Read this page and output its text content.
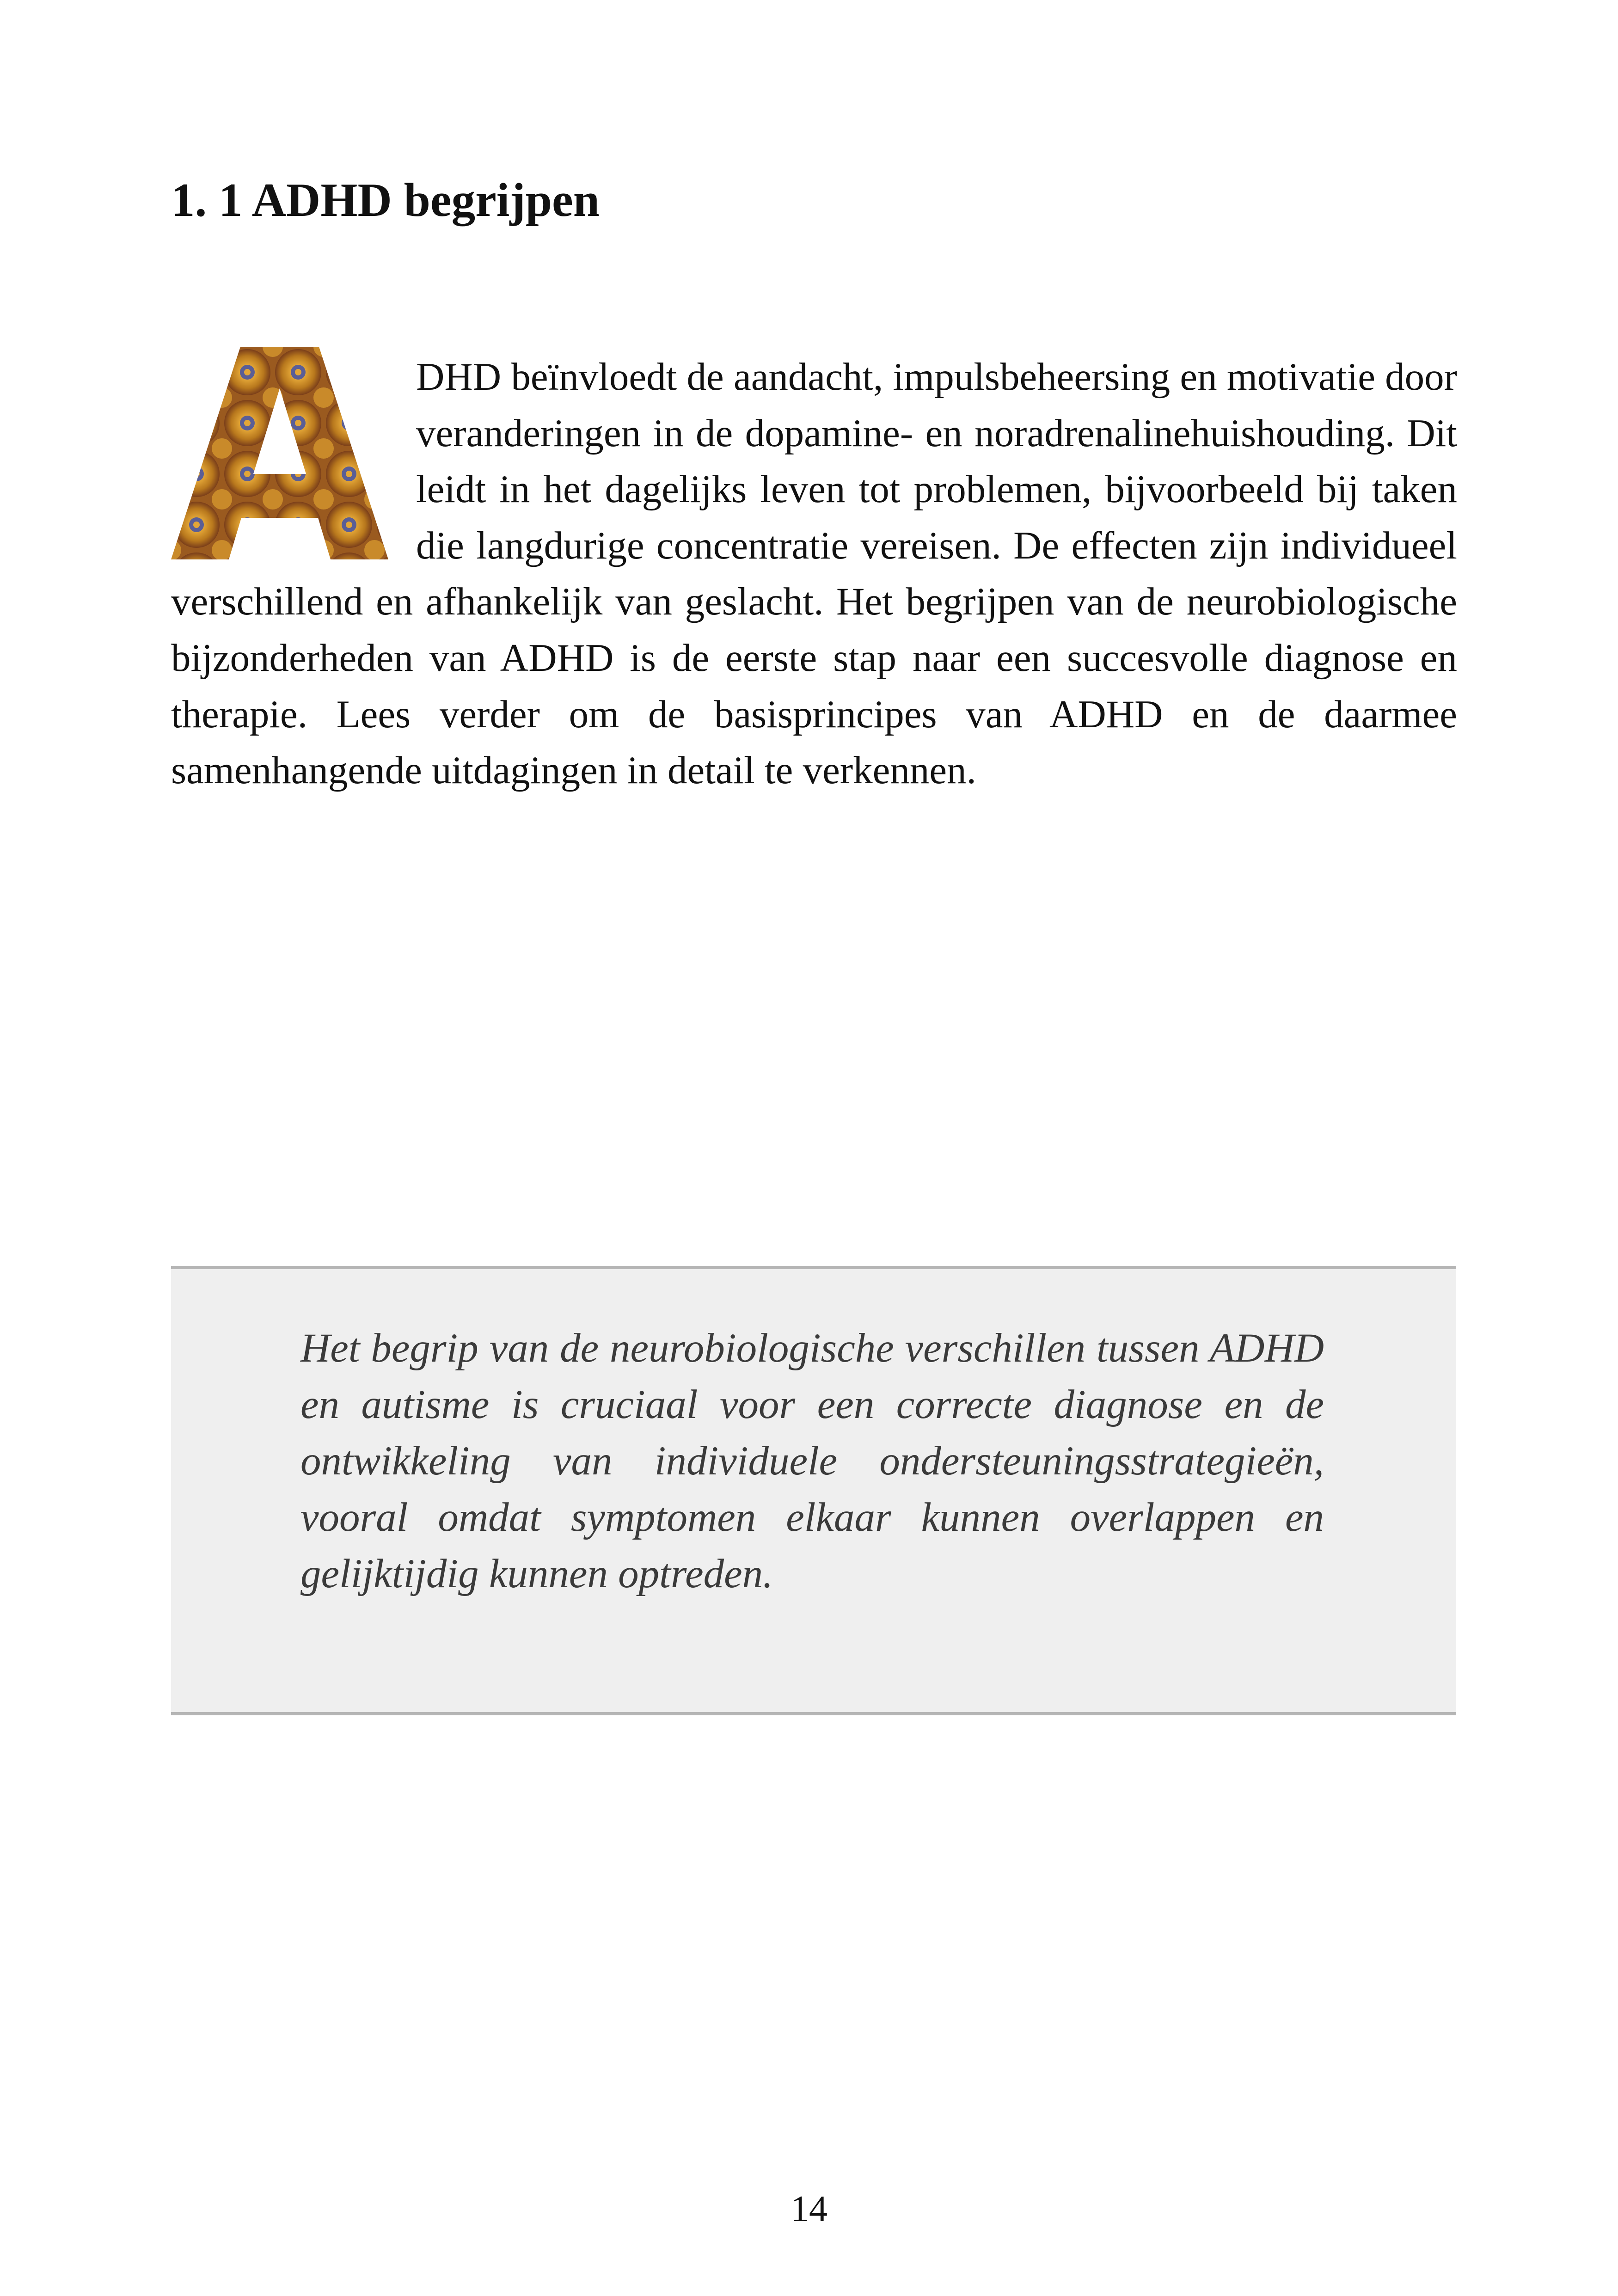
1. 1 ADHD begrijpen

DHD beïnvloedt de aandacht, impulsbeheersing en motivatie door veranderingen in de dopamine- en noradrenalinehuishouding. Dit leidt in het dagelijks leven tot problemen, bijvoorbeeld bij taken die langdurige concentratie vereisen. De effecten zijn individueel verschillend en afhankelijk van geslacht. Het begrijpen van de neurobiologische bijzonderheden van ADHD is de eerste stap naar een succesvolle diagnose en therapie. Lees verder om de basisprincipes van ADHD en de daarmee samenhangende uitdagingen in detail te verkennen.

Het begrip van de neurobiologische verschillen tussen ADHD en autisme is cruciaal voor een correcte diagnose en de ontwikkeling van individuele ondersteuningsstrategieën, vooral omdat symptomen elkaar kunnen overlappen en gelijktijdig kunnen optreden.

14
